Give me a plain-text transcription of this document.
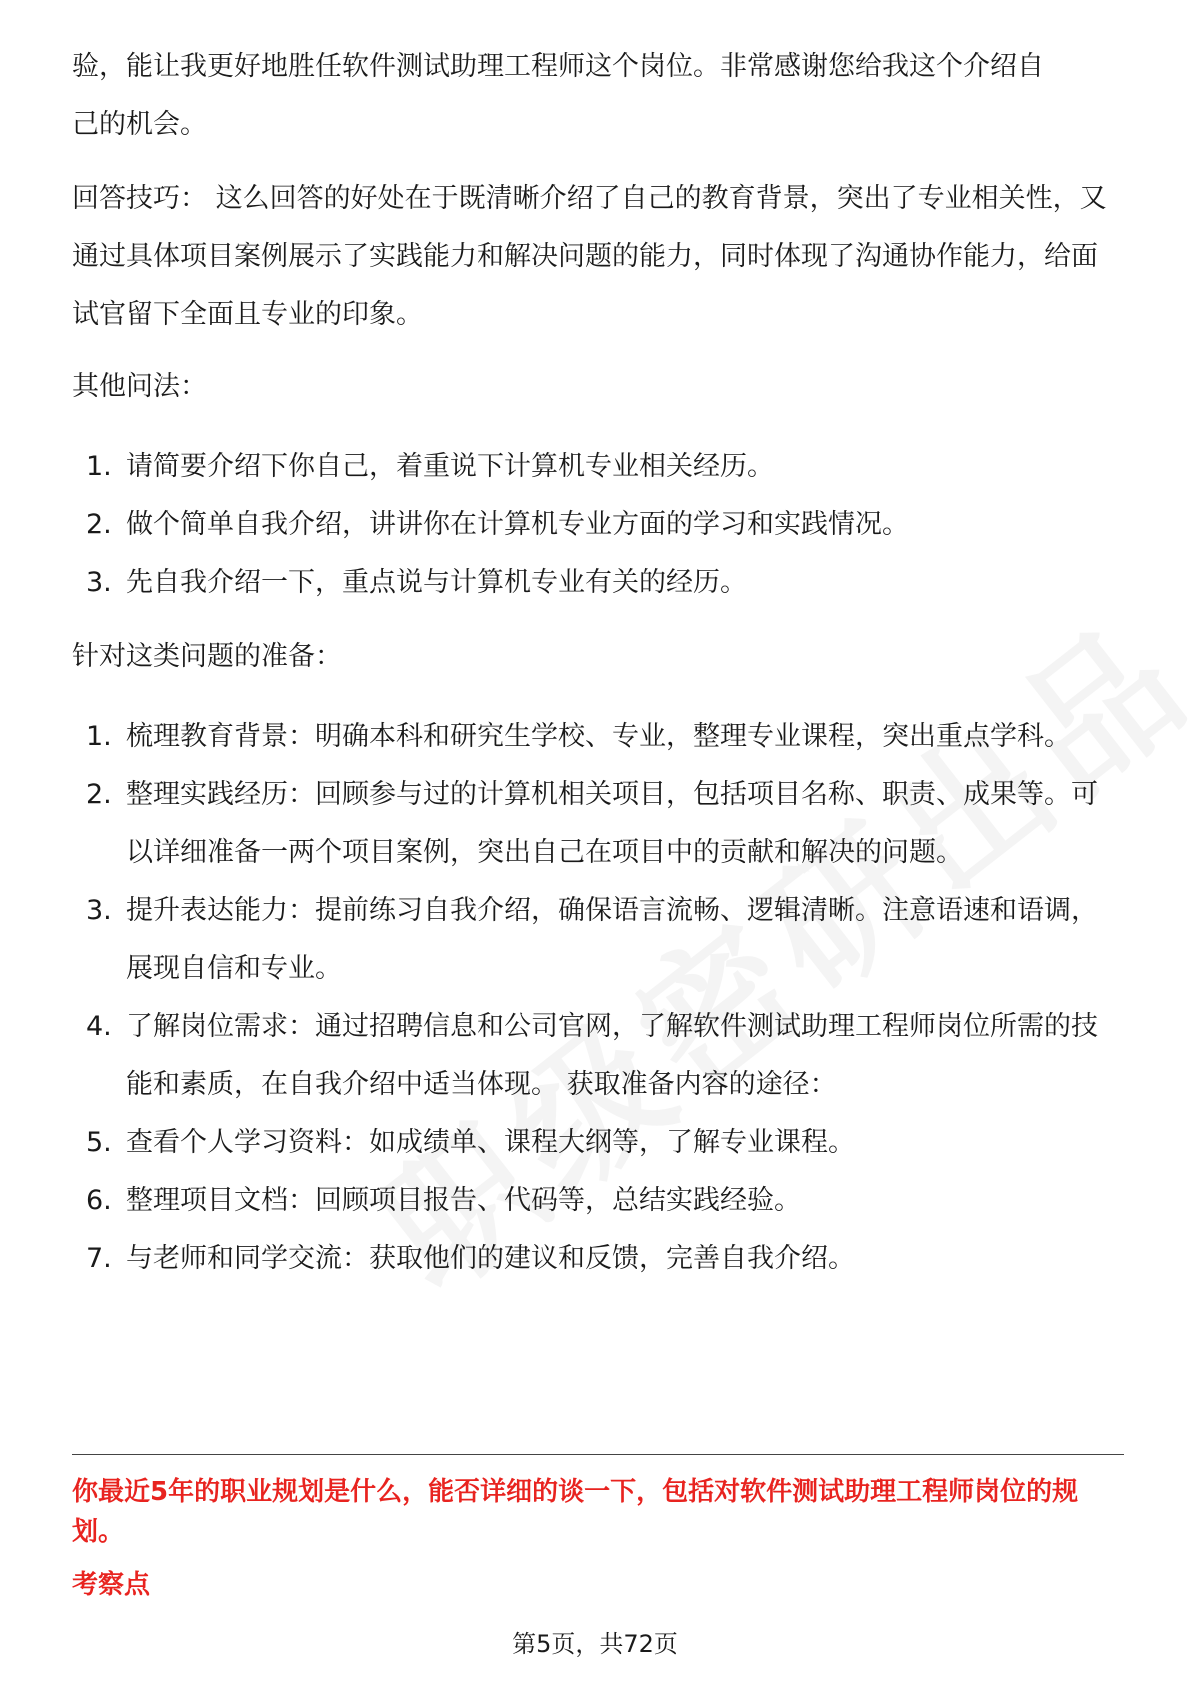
验，能让我更好地胜任软件测试助理工程师这个岗位。非常感谢您给我这个介绍自

己的机会。

回答技巧： 这么回答的好处在于既清晰介绍了自己的教育背景，突出了专业相关性，又通过具体项目案例展示了实践能力和解决问题的能力，同时体现了沟通协作能力，给面试官留下全面且专业的印象。

其他问法：

1. 请简要介绍下你自己，着重说下计算机专业相关经历。
2. 做个简单自我介绍，讲讲你在计算机专业方面的学习和实践情况。
3. 先自我介绍一下，重点说与计算机专业有关的经历。

针对这类问题的准备：

1. 梳理教育背景：明确本科和研究生学校、专业，整理专业课程，突出重点学科。
2. 整理实践经历：回顾参与过的计算机相关项目，包括项目名称、职责、成果等。可以详细准备一两个项目案例，突出自己在项目中的贡献和解决的问题。
3. 提升表达能力：提前练习自我介绍，确保语言流畅、逻辑清晰。注意语速和语调，展现自信和专业。
4. 了解岗位需求：通过招聘信息和公司官网，了解软件测试助理工程师岗位所需的技能和素质，在自我介绍中适当体现。 获取准备内容的途径：
5. 查看个人学习资料：如成绩单、课程大纲等，了解专业课程。
6. 整理项目文档：回顾项目报告、代码等，总结实践经验。
7. 与老师和同学交流：获取他们的建议和反馈，完善自我介绍。

你最近5年的职业规划是什么，能否详细的谈一下，包括对软件测试助理工程师岗位的规划。

考察点

第5页，共72页
